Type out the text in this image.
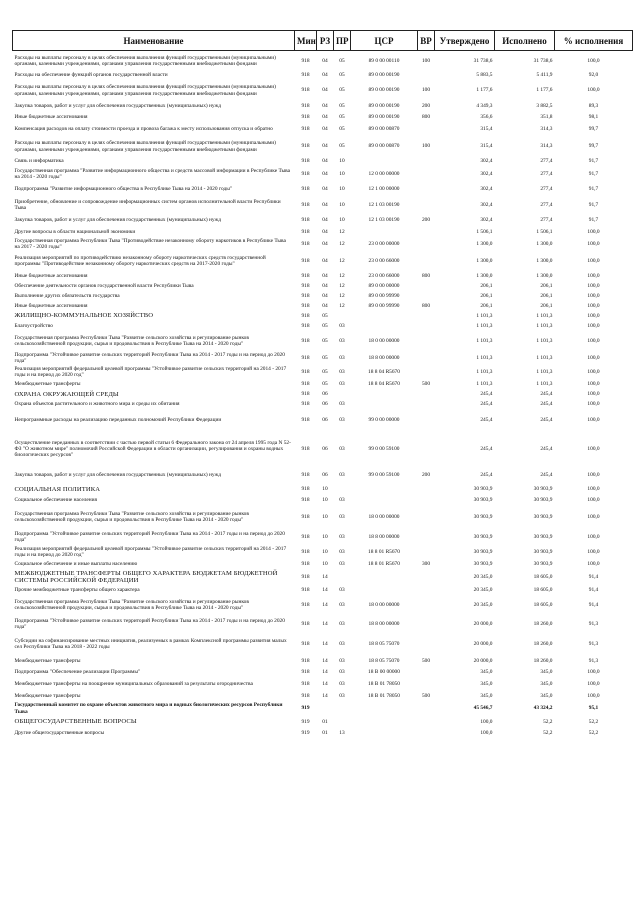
Наименование	Мин	РЗ	ПР	ЦСР	ВР	Утверждено	Исполнено	% исполнения
Расходы на выплаты персоналу в целях обеспечения выполнения функций государственными (муниципальными) органами, казенными учреждениями, органами управления государственными внебюджетными фондами	918	04	05	89 0 00 00110	100	31 738,6	31 738,6	100,0
Расходы на обеспечение функций органов государственной власти	918	04	05	89 0 00 00190		5 883,5	5 411,9	92,0
Расходы на выплаты персоналу в целях обеспечения выполнения функций государственными (муниципальными) органами, казенными учреждениями, органами управления государственными внебюджетными фондами	918	04	05	89 0 00 00190	100	1 177,6	1 177,6	100,0
Закупка товаров, работ и услуг для обеспечения государственных (муниципальных) нужд	918	04	05	89 0 00 00190	200	4 349,3	3 882,5	89,3
Иные бюджетные ассигнования	918	04	05	89 0 00 00190	800	356,6	351,8	98,1
Компенсация расходов на оплату стоимости проезда и провоза багажа к месту использования отпуска и обратно	918	04	05	89 0 00 00870		315,4	314,3	99,7
Расходы на выплаты персоналу в целях обеспечения выполнения функций государственными (муниципальными) органами, казенными учреждениями, органами управления государственными внебюджетными фондами	918	04	05	89 0 00 00870	100	315,4	314,3	99,7
Связь и информатика	918	04	10			302,4	277,4	91,7
Государственная программа "Развитие информационного общества и средств массовой информации в Республике Тыва на 2014 - 2020 годы"	918	04	10	12 0 00 00000		302,4	277,4	91,7
Подпрограмма "Развитие информационного общества в Республике Тыва на 2014 - 2020 годы"	918	04	10	12 1 00 00000		302,4	277,4	91,7
Приобретение, обновление и сопровождение информационных систем органов исполнительной власти Республики Тыва	918	04	10	12 1 03 00190		302,4	277,4	91,7
Закупка товаров, работ и услуг для обеспечения государственных (муниципальных) нужд	918	04	10	12 1 03 00190	200	302,4	277,4	91,7
Другие вопросы в области национальной экономики	918	04	12			1 506,1	1 506,1	100,0
Государственная программа Республики Тыва "Противодействие незаконному обороту наркотиков в Республике Тыва на 2017 - 2020 годы"	918	04	12	23 0 00 00000		1 300,0	1 300,0	100,0
Реализация мероприятий по противодействию незаконному обороту наркотических средств государственной программы "Противодействие незаконному обороту наркотических средств на 2017-2020 годы"	918	04	12	23 0 00 66000		1 300,0	1 300,0	100,0
Иные бюджетные ассигнования	918	04	12	23 0 00 66000	800	1 300,0	1 300,0	100,0
Обеспечение деятельности органов государственной власти Республики Тыва	918	04	12	89 0 00 00000		206,1	206,1	100,0
Выполнение других обязательств государства	918	04	12	89 0 00 99990		206,1	206,1	100,0
Иные бюджетные ассигнования	918	04	12	89 0 00 99990	800	206,1	206,1	100,0
ЖИЛИЩНО-КОММУНАЛЬНОЕ ХОЗЯЙСТВО	918	05				1 101,3	1 101,3	100,0
Благоустройство	918	05	03			1 101,3	1 101,3	100,0
Государственная программа Республики Тыва "Развитие сельского хозяйства и регулирование рынков сельскохозяйственной продукции, сырья и продовольствия в Республике Тыва на 2014 - 2020 годы"	918	05	03	18 0 00 00000		1 101,3	1 101,3	100,0
Подпрограмма "Устойчивое развитие сельских территорий Республики Тыва на 2014 - 2017 годы и на период до 2020 года"	918	05	03	18 8 00 00000		1 101,3	1 101,3	100,0
Реализация мероприятий федеральной целевой программы "Устойчивое развитие сельских территорий на 2014 - 2017 годы и на период до 2020 год"	918	05	03	18 8 04 R5670		1 101,3	1 101,3	100,0
Межбюджетные трансферты	918	05	03	18 8 04 R5670	500	1 101,3	1 101,3	100,0
ОХРАНА ОКРУЖАЮЩЕЙ СРЕДЫ	918	06				245,4	245,4	100,0
Охрана объектов растительного и животного мира и среды их обитания	918	06	03			245,4	245,4	100,0
Непрограммные расходы на реализацию переданных полномочий Республики Федерации	918	06	03	99 0 00 00000		245,4	245,4	100,0
Осуществление переданных в соответствии с частью первой статьи 6 Федерального закона от 24 апреля 1995 года N 52-ФЗ "О животном мире" полномочий Российской Федерации в области организации, регулирования и охраны водных биологических ресурсов"	918	06	03	99 0 00 59100		245,4	245,4	100,0
Закупка товаров, работ и услуг для обеспечения государственных (муниципальных) нужд	918	06	03	99 0 00 59100	200	245,4	245,4	100,0
СОЦИАЛЬНАЯ ПОЛИТИКА	918	10				30 903,9	30 903,9	100,0
Социальное обеспечение населения	918	10	03			30 903,9	30 903,9	100,0
Государственная программа Республики Тыва "Развитие сельского хозяйства и регулирование рынков сельскохозяйственной продукции, сырья и продовольствия в Республике Тыва на 2014 - 2020 годы"	918	10	03	18 0 00 00000		30 903,9	30 903,9	100,0
Подпрограмма "Устойчивое развитие сельских территорий Республики Тыва на 2014 - 2017 годы и на период до 2020 года"	918	10	03	18 8 00 00000		30 903,9	30 903,9	100,0
Реализация мероприятий федеральной целевой программы "Устойчивое развитие сельских территорий на 2014 - 2017 годы и на период до 2020 год"	918	10	03	18 8 01 R5670		30 903,9	30 903,9	100,0
Социальное обеспечение и иные выплаты населению	918	10	03	18 8 01 R5670	300	30 903,9	30 903,9	100,0
МЕЖБЮДЖЕТНЫЕ ТРАНСФЕРТЫ ОБЩЕГО ХАРАКТЕРА БЮДЖЕТАМ БЮДЖЕТНОЙ СИСТЕМЫ РОССИЙСКОЙ ФЕДЕРАЦИИ	918	14				20 345,0	18 605,0	91,4
Прочие межбюджетные трансферты общего характера	918	14	03			20 345,0	18 605,0	91,4
Государственная программа Республики Тыва "Развитие сельского хозяйства и регулирование рынков сельскохозяйственной продукции, сырья и продовольствия в Республике Тыва на 2014 - 2020 годы"	918	14	03	18 0 00 00000		20 345,0	18 605,0	91,4
Подпрограмма "Устойчивое развитие сельских территорий Республики Тыва на 2014 - 2017 годы и на период до 2020 года"	918	14	03	18 8 00 00000		20 000,0	18 260,0	91,3
Субсидии на софинансирование местных инициатив, реализуемых в рамках Комплексной программы развития малых сел Республики Тыва на 2018 - 2022 годы	918	14	03	18 8 05 75070		20 000,0	18 260,0	91,3
Межбюджетные трансферты	918	14	03	18 8 05 75070	500	20 000,0	18 260,0	91,3
Подпрограмма "Обеспечение реализации Программы"	918	14	03	18 В 00 00000		345,0	345,0	100,0
Межбюджетные трансферты на поощрение муниципальных образований за результаты огородничества	918	14	03	18 В 01 78050		345,0	345,0	100,0
Межбюджетные трансферты	918	14	03	18 В 01 78050	500	345,0	345,0	100,0
Государственный комитет по охране объектов животного мира и водных биологических ресурсов Республики Тыва	919					45 546,7	43 324,2	95,1
ОБЩЕГОСУДАРСТВЕННЫЕ ВОПРОСЫ	919	01				100,0	52,2	52,2
Другие общегосударственные вопросы	919	01	13			100,0	52,2	52,2
